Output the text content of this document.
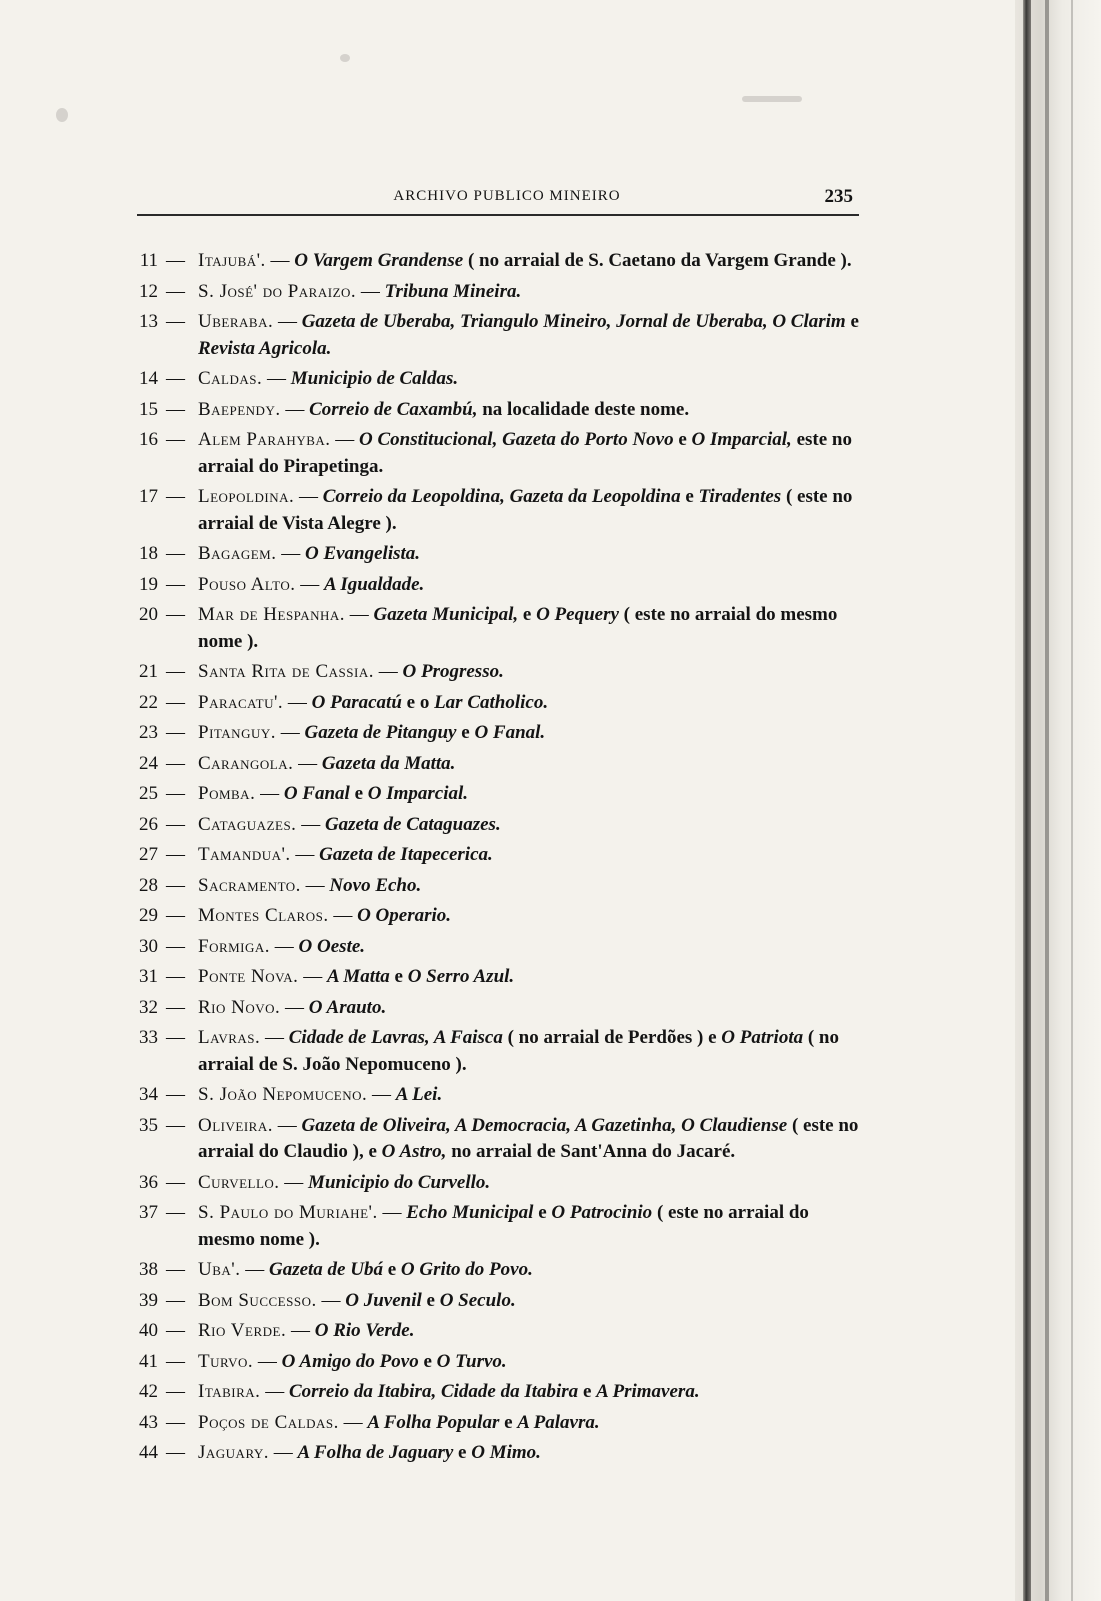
ARCHIVO PUBLICO MINEIRO	235
11 — Itajubá'. — O Vargem Grandense ( no arraial de S. Caetano da Vargem Grande ).
12 — S. José' do Paraizo. — Tribuna Mineira.
13 — Uberaba. — Gazeta de Uberaba, Triangulo Mineiro, Jornal de Uberaba, O Clarim e Revista Agricola.
14 — Caldas. — Municipio de Caldas.
15 — Baependy. — Correio de Caxambú, na localidade deste nome.
16 — Alem Parahyba. — O Constitucional, Gazeta do Porto Novo e O Imparcial, este no arraial do Pirapetinga.
17 — Leopoldina. — Correio da Leopoldina, Gazeta da Leopoldina e Tiradentes ( este no arraial de Vista Alegre ).
18 — Bagagem. — O Evangelista.
19 — Pouso Alto. — A Igualdade.
20 — Mar de Hespanha. — Gazeta Municipal, e O Pequery ( este no arraial do mesmo nome ).
21 — Santa Rita de Cassia. — O Progresso.
22 — Paracatu'. — O Paracatú e o Lar Catholico.
23 — Pitanguy. — Gazeta de Pitanguy e O Fanal.
24 — Carangola. — Gazeta da Matta.
25 — Pomba. — O Fanal e O Imparcial.
26 — Cataguazes. — Gazeta de Cataguazes.
27 — Tamandua'. — Gazeta de Itapecerica.
28 — Sacramento. — Novo Echo.
29 — Montes Claros. — O Operario.
30 — Formiga. — O Oeste.
31 — Ponte Nova. — A Matta e O Serro Azul.
32 — Rio Novo. — O Arauto.
33 — Lavras. — Cidade de Lavras, A Faisca ( no arraial de Perdões ) e O Patriota ( no arraial de S. João Nepomuceno ).
34 — S. João Nepomuceno. — A Lei.
35 — Oliveira. — Gazeta de Oliveira, A Democracia, A Gazetinha, O Claudiense ( este no arraial do Claudio ), e O Astro, no arraial de Sant'Anna do Jacaré.
36 — Curvello. — Municipio do Curvello.
37 — S. Paulo do Muriahe'. — Echo Municipal e O Patrocinio ( este no arraial do mesmo nome ).
38 — Uba'. — Gazeta de Ubá e O Grito do Povo.
39 — Bom Successo. — O Juvenil e O Seculo.
40 — Rio Verde. — O Rio Verde.
41 — Turvo. — O Amigo do Povo e O Turvo.
42 — Itabira. — Correio da Itabira, Cidade da Itabira e A Primavera.
43 — Poços de Caldas. — A Folha Popular e A Palavra.
44 — Jaguary. — A Folha de Jaguary e O Mimo.
